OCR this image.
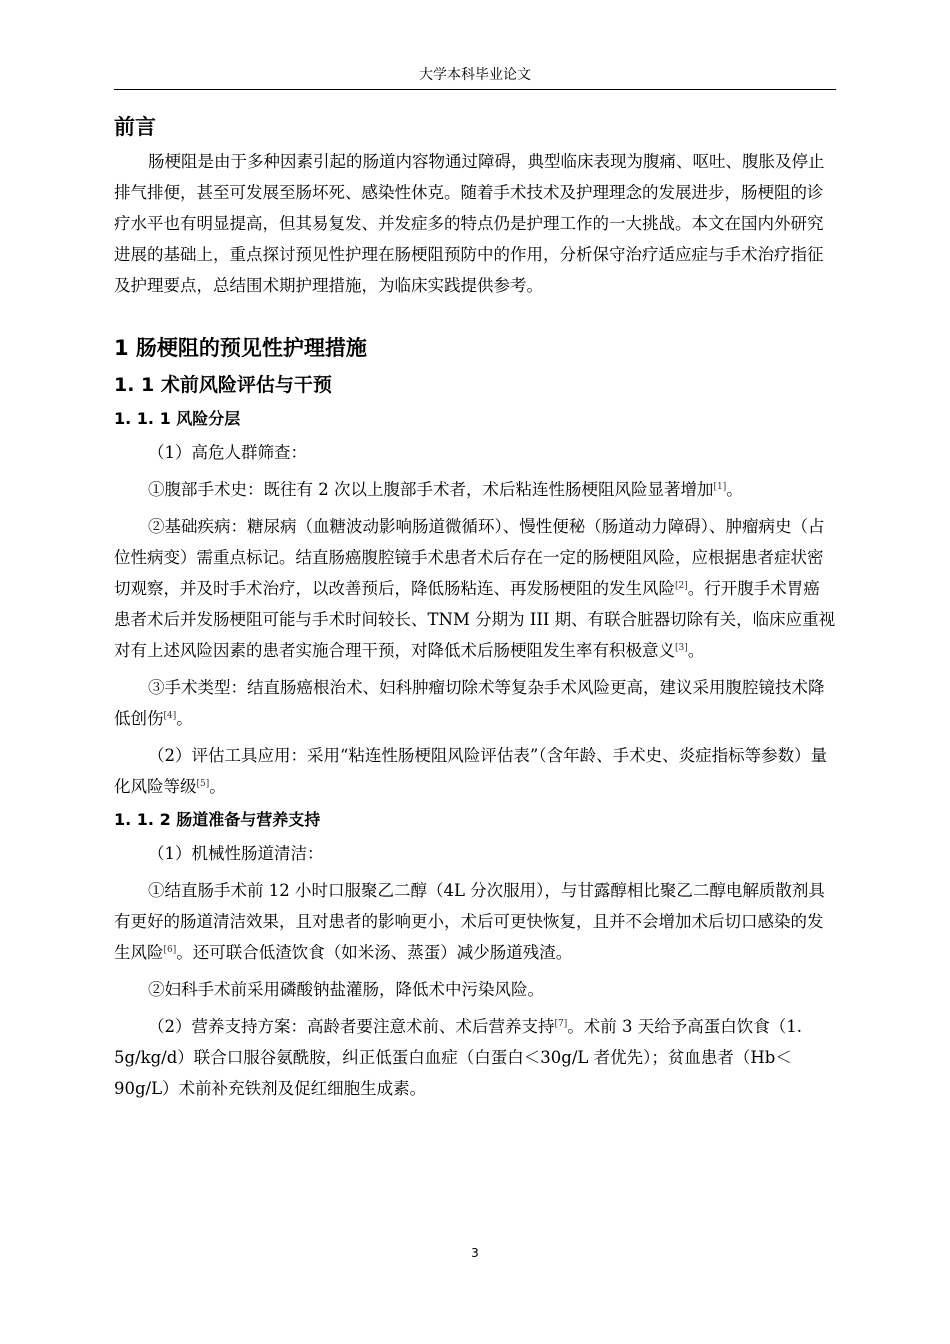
大学本科毕业论文
前言

肠梗阻是由于多种因素引起的肠道内容物通过障碍，典型临床表现为腹痛、呕吐、腹胀及停止排气排便，甚至可发展至肠坏死、感染性休克。随着手术技术及护理理念的发展进步，肠梗阻的诊疗水平也有明显提高，但其易复发、并发症多的特点仍是护理工作的一大挑战。本文在国内外研究进展的基础上，重点探讨预见性护理在肠梗阻预防中的作用，分析保守治疗适应症与手术治疗指征及护理要点，总结围术期护理措施，为临床实践提供参考。

1 肠梗阻的预见性护理措施
1. 1 术前风险评估与干预
1. 1. 1 风险分层

（1）高危人群筛查：

①腹部手术史：既往有 2 次以上腹部手术者，术后粘连性肠梗阻风险显著增加[1]。

②基础疾病：糖尿病（血糖波动影响肠道微循环）、慢性便秘（肠道动力障碍）、肿瘤病史（占位性病变）需重点标记。结直肠癌腹腔镜手术患者术后存在一定的肠梗阻风险，应根据患者症状密切观察，并及时手术治疗，以改善预后，降低肠粘连、再发肠梗阻的发生风险[2]。行开腹手术胃癌患者术后并发肠梗阻可能与手术时间较长、TNM 分期为 III 期、有联合脏器切除有关，临床应重视对有上述风险因素的患者实施合理干预，对降低术后肠梗阻发生率有积极意义[3]。

③手术类型：结直肠癌根治术、妇科肿瘤切除术等复杂手术风险更高，建议采用腹腔镜技术降低创伤[4]。

（2）评估工具应用：采用“粘连性肠梗阻风险评估表”（含年龄、手术史、炎症指标等参数）量化风险等级[5]。

1. 1. 2 肠道准备与营养支持

（1）机械性肠道清洁：

①结直肠手术前 12 小时口服聚乙二醇（4L 分次服用），与甘露醇相比聚乙二醇电解质散剂具有更好的肠道清洁效果，且对患者的影响更小，术后可更快恢复，且并不会增加术后切口感染的发生风险[6]。还可联合低渣饮食（如米汤、蒸蛋）减少肠道残渣。

②妇科手术前采用磷酸钠盐灌肠，降低术中污染风险。

（2）营养支持方案：高龄者要注意术前、术后营养支持[7]。术前 3 天给予高蛋白饮食（1. 5g/kg/d）联合口服谷氨酰胺，纠正低蛋白血症（白蛋白＜30g/L 者优先）；贫血患者（Hb＜90g/L）术前补充铁剂及促红细胞生成素。

3
